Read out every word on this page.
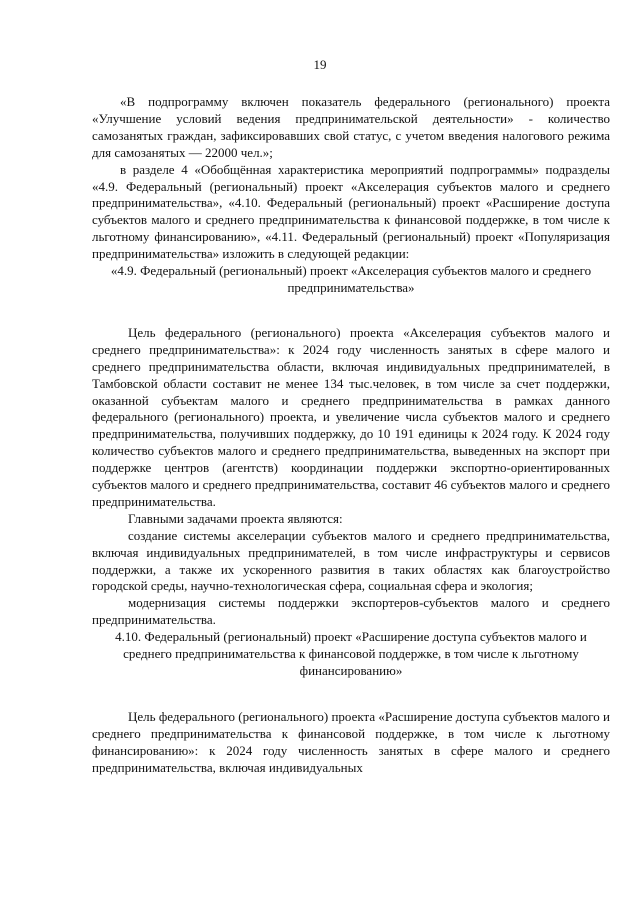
19

«В подпрограмму включен показатель федерального (регионального) проекта «Улучшение условий ведения предпринимательской деятельности» - количество самозанятых граждан, зафиксировавших свой статус, с учетом введения налогового режима для самозанятых — 22000 чел.»;

в разделе 4 «Обобщённая характеристика мероприятий подпрограммы» подразделы «4.9. Федеральный (региональный) проект «Акселерация субъектов малого и среднего предпринимательства», «4.10. Федеральный (региональный) проект «Расширение доступа субъектов малого и среднего предпринимательства к финансовой поддержке, в том числе к льготному финансированию», «4.11. Федеральный (региональный) проект «Популяризация предпринимательства» изложить в следующей редакции:

«4.9. Федеральный (региональный) проект «Акселерация субъектов малого и среднего предпринимательства»

Цель федерального (регионального) проекта «Акселерация субъектов малого и среднего предпринимательства»: к 2024 году численность занятых в сфере малого и среднего предпринимательства области, включая индивидуальных предпринимателей, в Тамбовской области составит не менее 134 тыс.человек, в том числе за счет поддержки, оказанной субъектам малого и среднего предпринимательства в рамках данного федерального (регионального) проекта, и увеличение числа субъектов малого и среднего предпринимательства, получивших поддержку, до 10 191 единицы к 2024 году. К 2024 году количество субъектов малого и среднего предпринимательства, выведенных на экспорт при поддержке центров (агентств) координации поддержки экспортно-ориентированных субъектов малого и среднего предпринимательства, составит 46 субъектов малого и среднего предпринимательства.

Главными задачами проекта являются:

создание системы акселерации субъектов малого и среднего предпринимательства, включая индивидуальных предпринимателей, в том числе инфраструктуры и сервисов поддержки, а также их ускоренного развития в таких областях как благоустройство городской среды, научно-технологическая сфера, социальная сфера и экология;

модернизация системы поддержки экспортеров-субъектов малого и среднего предпринимательства.

4.10. Федеральный (региональный) проект «Расширение доступа субъектов малого и среднего предпринимательства к финансовой поддержке, в том числе к льготному финансированию»

Цель федерального (регионального) проекта «Расширение доступа субъектов малого и среднего предпринимательства к финансовой поддержке, в том числе к льготному финансированию»: к 2024 году численность занятых в сфере малого и среднего предпринимательства, включая индивидуальных
